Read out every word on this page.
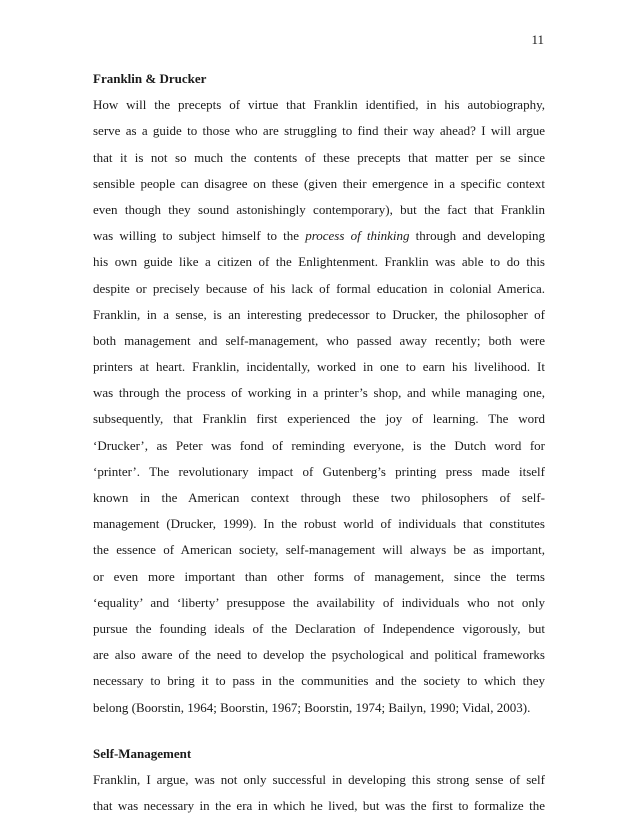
11
Franklin & Drucker
How will the precepts of virtue that Franklin identified, in his autobiography,
serve as a guide to those who are struggling to find their way ahead? I will argue
that it is not so much the contents of these precepts that matter per se since
sensible people can disagree on these (given their emergence in a specific context
even though they sound astonishingly contemporary), but the fact that Franklin
was willing to subject himself to the process of thinking through and developing
his own guide like a citizen of the Enlightenment. Franklin was able to do this
despite or precisely because of his lack of formal education in colonial America.
Franklin, in a sense, is an interesting predecessor to Drucker, the philosopher of
both management and self-management, who passed away recently; both were
printers at heart. Franklin, incidentally, worked in one to earn his livelihood. It
was through the process of working in a printer’s shop, and while managing one,
subsequently, that Franklin first experienced the joy of learning. The word
‘Drucker’, as Peter was fond of reminding everyone, is the Dutch word for
‘printer’. The revolutionary impact of Gutenberg’s printing press made itself
known in the American context through these two philosophers of self-
management (Drucker, 1999). In the robust world of individuals that constitutes
the essence of American society, self-management will always be as important,
or even more important than other forms of management, since the terms
‘equality’ and ‘liberty’ presuppose the availability of individuals who not only
pursue the founding ideals of the Declaration of Independence vigorously, but
are also aware of the need to develop the psychological and political frameworks
necessary to bring it to pass in the communities and the society to which they
belong (Boorstin, 1964; Boorstin, 1967; Boorstin, 1974; Bailyn, 1990; Vidal, 2003).
Self-Management
Franklin, I argue, was not only successful in developing this strong sense of self
that was necessary in the era in which he lived, but was the first to formalize the
